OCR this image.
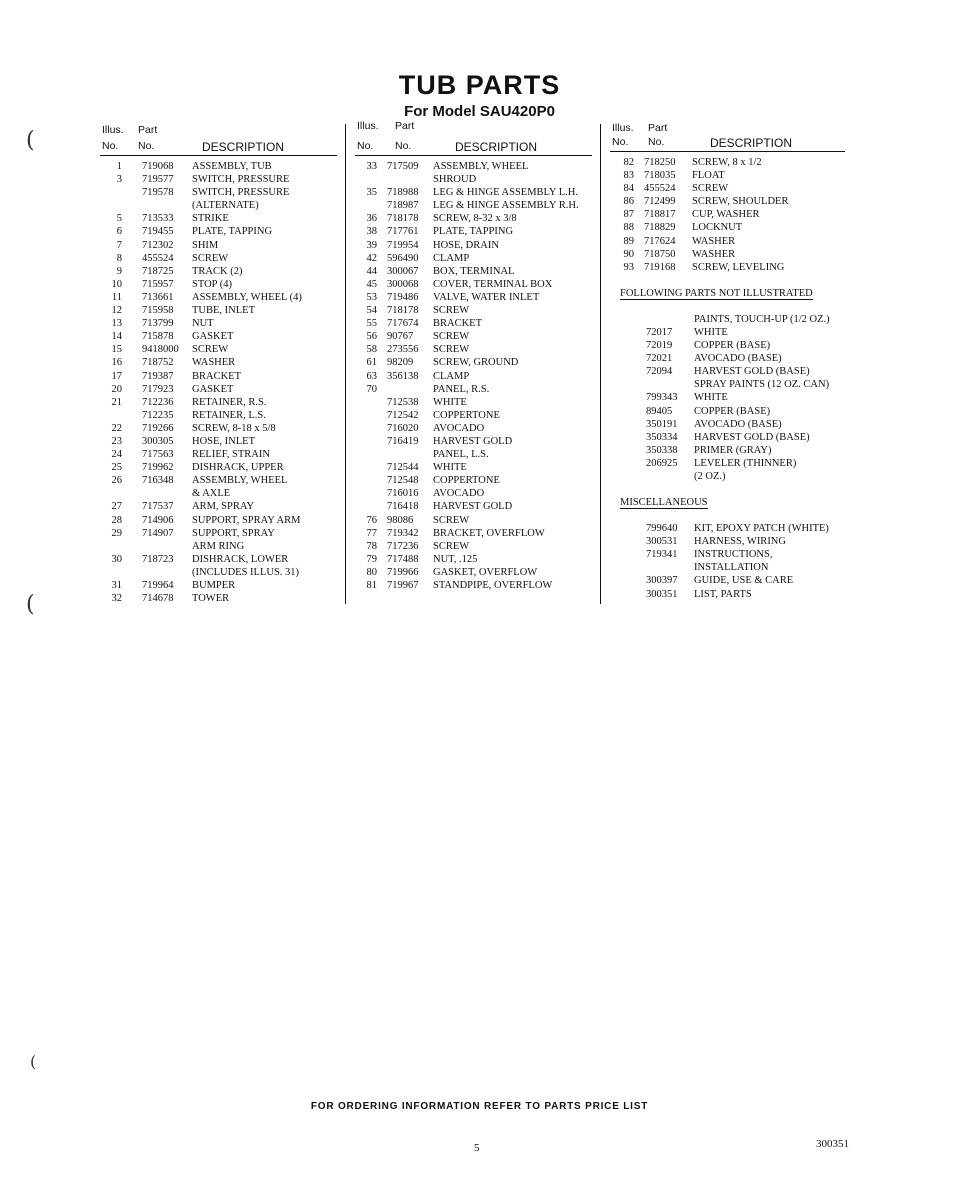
TUB PARTS
For Model SAU420P0
Illus.
No.
Part
No.	DESCRIPTION
1 719068 ASSEMBLY, TUB
3 719577 SWITCH, PRESSURE
719578 SWITCH, PRESSURE
(ALTERNATE)
5 713533 STRIKE
6 719455 PLATE, TAPPING
7 712302 SHIM
8 455524 SCREW
9 718725 TRACK (2)
10 715957 STOP (4)
11 713661 ASSEMBLY, WHEEL (4)
12 715958 TUBE, INLET
13 713799 NUT
14 715878 GASKET
15 9418000 SCREW
16 718752 WASHER
17 719387 BRACKET
20 717923 GASKET
21 712236 RETAINER, R.S.
712235 RETAINER, L.S.
22 719266 SCREW, 8-18 x 5/8
23 300305 HOSE, INLET
24 717563 RELIEF, STRAIN
25 719962 DISHRACK, UPPER
26 716348 ASSEMBLY, WHEEL
& AXLE
27 717537 ARM, SPRAY
28 714906 SUPPORT, SPRAY ARM
29 714907 SUPPORT, SPRAY
ARM RING
30 718723 DISHRACK, LOWER
(INCLUDES ILLUS. 31)
31 719964 BUMPER
32 714678 TOWER
Illus.
No.
Part
No.	DESCRIPTION
33 717509 ASSEMBLY, WHEEL
SHROUD
35 718988 LEG & HINGE ASSEMBLY L.H.
718987 LEG & HINGE ASSEMBLY R.H.
36 718178 SCREW, 8-32 x 3/8
38 717761 PLATE, TAPPING
39 719954 HOSE, DRAIN
42 596490 CLAMP
44 300067 BOX, TERMINAL
45 300068 COVER, TERMINAL BOX
53 719486 VALVE, WATER INLET
54 718178 SCREW
55 717674 BRACKET
56 90767 SCREW
58 273556 SCREW
61 98209 SCREW, GROUND
63 356138 CLAMP
70	PANEL, R.S.
712538 WHITE
712542 COPPERTONE
716020 AVOCADO
716419 HARVEST GOLD
PANEL, L.S.
712544 WHITE
712548 COPPERTONE
716016 AVOCADO
716418 HARVEST GOLD
76 98086 SCREW
77 719342 BRACKET, OVERFLOW
78 717236 SCREW
79 717488 NUT, .125
80 719966 GASKET, OVERFLOW
81 719967 STANDPIPE, OVERFLOW
Illus.
No.
Part
No.	DESCRIPTION
82 718250 SCREW, 8 x 1/2
83 718035 FLOAT
84 455524 SCREW
86 712499 SCREW, SHOULDER
87 718817 CUP, WASHER
88 718829 LOCKNUT
89 717624 WASHER
90 718750 WASHER
93 719168 SCREW, LEVELING
FOLLOWING PARTS NOT ILLUSTRATED
PAINTS, TOUCH-UP (1/2 OZ.)
72017 WHITE
72019 COPPER (BASE)
72021 AVOCADO (BASE)
72094 HARVEST GOLD (BASE)
SPRAY PAINTS (12 OZ. CAN)
799343 WHITE
89405 COPPER (BASE)
350191 AVOCADO (BASE)
350334 HARVEST GOLD (BASE)
350338 PRIMER (GRAY)
206925 LEVELER (THINNER)
(2 OZ.)
MISCELLANEOUS
799640 KIT, EPOXY PATCH (WHITE)
300531 HARNESS, WIRING
719341 INSTRUCTIONS,
INSTALLATION
300397 GUIDE, USE & CARE
300351 LIST, PARTS
(
(
(
FOR ORDERING INFORMATION REFER TO PARTS PRICE LIST
5	300351
